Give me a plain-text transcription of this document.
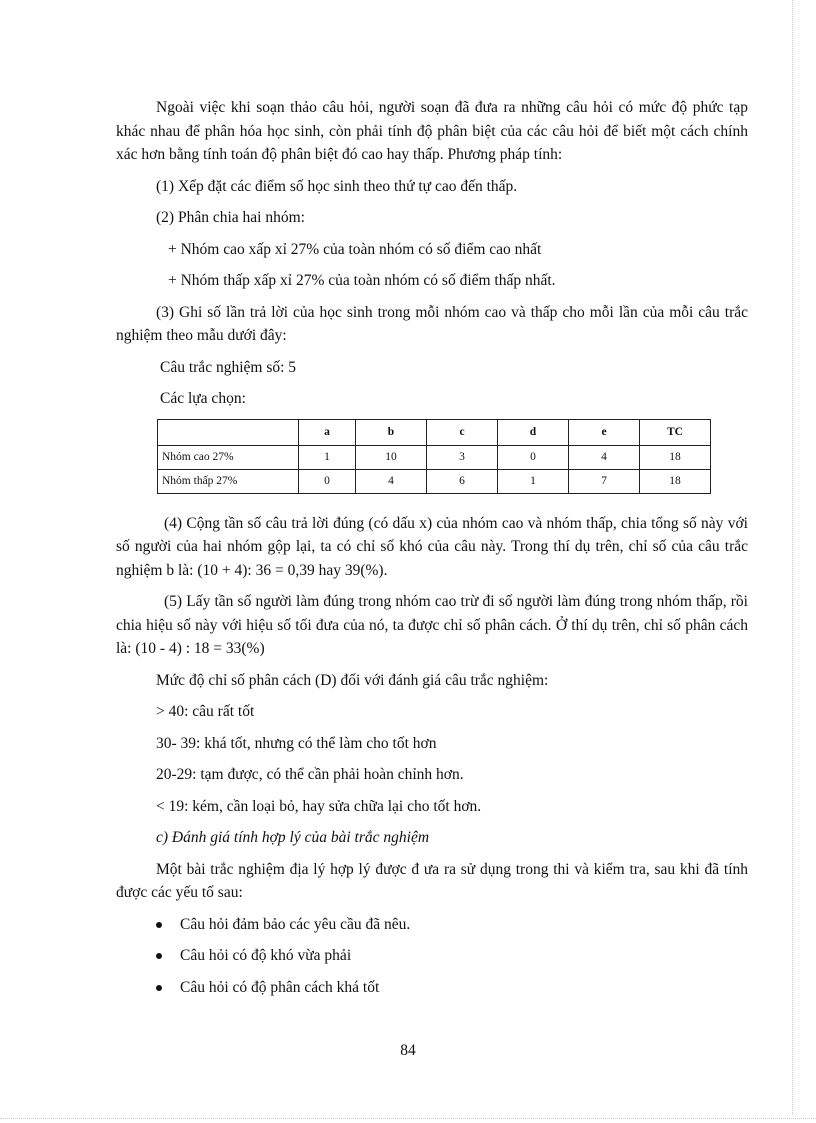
Ngoài việc khi soạn thảo câu hỏi, người soạn đã đưa ra những câu hỏi có mức độ phức tạp khác nhau để phân hóa học sinh, còn phải tính độ phân biệt của các câu hỏi để biết một cách chính xác hơn bằng tính toán độ phân biệt đó cao hay thấp. Phương pháp tính:

(1) Xếp đặt các điểm số học sinh theo thứ tự cao đến thấp.

(2) Phân chia hai nhóm:

+ Nhóm cao xấp xỉ 27% của toàn nhóm có số điểm cao nhất

+ Nhóm thấp xấp xỉ 27% của toàn nhóm có số điểm thấp nhất.

(3) Ghi số lần trả lời của học sinh trong mỗi nhóm cao và thấp cho mỗi lần của mỗi câu trắc nghiệm theo mẫu dưới đây:

Câu trắc nghiệm số: 5

Các lựa chọn:

	a	b	c	d	e	TC
Nhóm cao 27%	1	10	3	0	4	18
Nhóm thấp 27%	0	4	6	1	7	18

(4) Cộng tần số câu trả lời đúng (có dấu x) của nhóm cao và nhóm thấp, chia tổng số này với số người của hai nhóm gộp lại, ta có chỉ số khó của câu này. Trong thí dụ trên, chỉ số của câu trắc nghiệm b là: (10 + 4): 36 = 0,39 hay 39(%).

(5) Lấy tần số người làm đúng trong nhóm cao trừ đi số người làm đúng trong nhóm thấp, rồi chia hiệu số này với hiệu số tối đưa của nó, ta được chỉ số phân cách. Ở thí dụ trên, chỉ số phân cách là: (10 - 4) : 18 = 33(%)

Mức độ chỉ số phân cách (D) đối với đánh giá câu trắc nghiệm:

> 40: câu rất tốt

30- 39: khá tốt, nhưng có thể làm cho tốt hơn

20-29: tạm được, có thể cần phải hoàn chỉnh hơn.

< 19: kém, cần loại bỏ, hay sửa chữa lại cho tốt hơn.

c) Đánh giá tính hợp lý của bài trắc nghiệm

Một bài trắc nghiệm địa lý hợp lý được đ ưa ra sử dụng trong thi và kiểm tra, sau khi đã tính được các yếu tố sau:

Câu hỏi đảm bảo các yêu cầu đã nêu.
Câu hỏi có độ khó vừa phải
Câu hỏi có độ phân cách khá tốt
84
